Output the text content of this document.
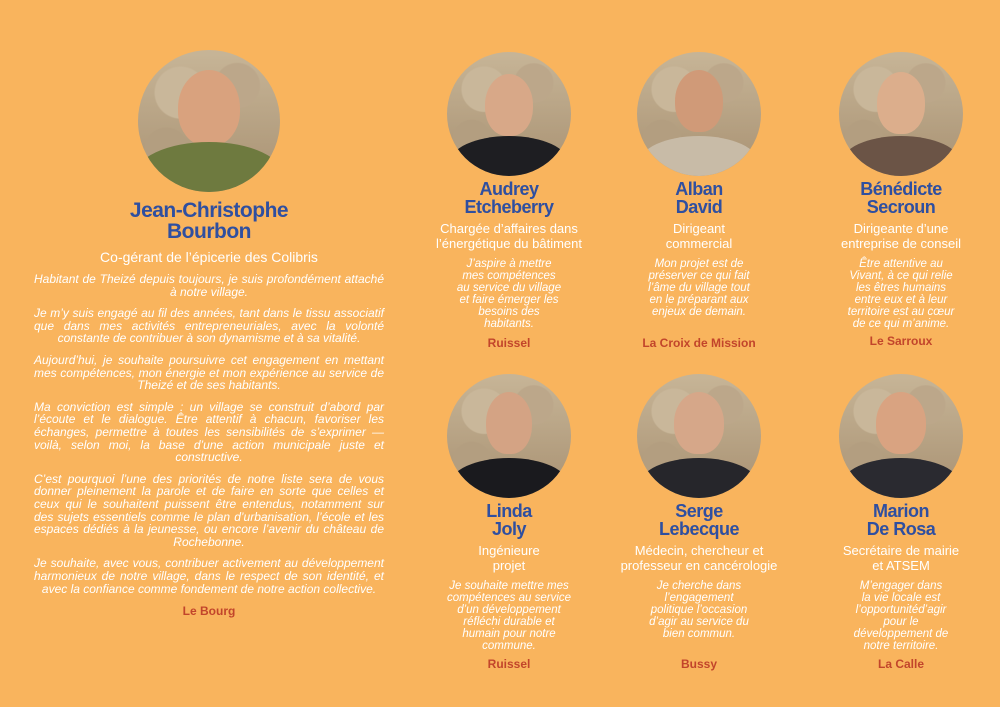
Jean-Christophe
Bourbon
Co-gérant de l’épicerie des Colibris

Habitant de Theizé depuis toujours, je suis profondément attaché à notre village.

Je m’y suis engagé au fil des années, tant dans le tissu associatif que dans mes activités entrepreneuriales, avec la volonté constante de contribuer à son dynamisme et à sa vitalité.

Aujourd’hui, je souhaite poursuivre cet engagement en mettant mes compétences, mon énergie et mon expérience au service de Theizé et de ses habitants.

Ma conviction est simple : un village se construit d’abord par l’écoute et le dialogue. Être attentif à chacun, favoriser les échanges, permettre à toutes les sensibilités de s’exprimer — voilà, selon moi, la base d’une action municipale juste et constructive.

C’est pourquoi l’une des priorités de notre liste sera de vous donner pleinement la parole et de faire en sorte que celles et ceux qui le souhaitent puissent être entendus, notamment sur des sujets essentiels comme le plan d’urbanisation, l’école et les espaces dédiés à la jeunesse, ou encore l’avenir du château de Rochebonne.

Je souhaite, avec vous, contribuer activement au développement harmonieux de notre village, dans le respect de son identité, et avec la confiance comme fondement de notre action collective.

Le Bourg
Audrey
Etcheberry
Chargée d’affaires dans
l’énergétique du bâtiment
J’aspire à mettre
mes compétences
au service du village
et faire émerger les
besoins des
habitants.
Ruissel
Alban
David
Dirigeant
commercial
Mon projet est de
préserver ce qui fait
l’âme du village tout
en le préparant aux
enjeux de demain.
La Croix de Mission
Bénédicte
Secroun
Dirigeante d’une
entreprise de conseil
Être attentive au
Vivant, à ce qui relie
les êtres humains
entre eux et à leur
territoire est au cœur
de ce qui m’anime.
Le Sarroux
Linda
Joly
Ingénieure
projet
Je souhaite mettre mes
compétences au service
d’un développement
réfléchi durable et
humain pour notre
commune.
Ruissel
Serge
Lebecque
Médecin, chercheur et
professeur en cancérologie
Je cherche dans
l’engagement
politique l’occasion
d’agir au service du
bien commun.
Bussy
Marion
De Rosa
Secrétaire de mairie
et ATSEM
M’engager dans
la vie locale est
l’opportunitéd’agir
pour le
développement de
notre territoire.
La Calle
